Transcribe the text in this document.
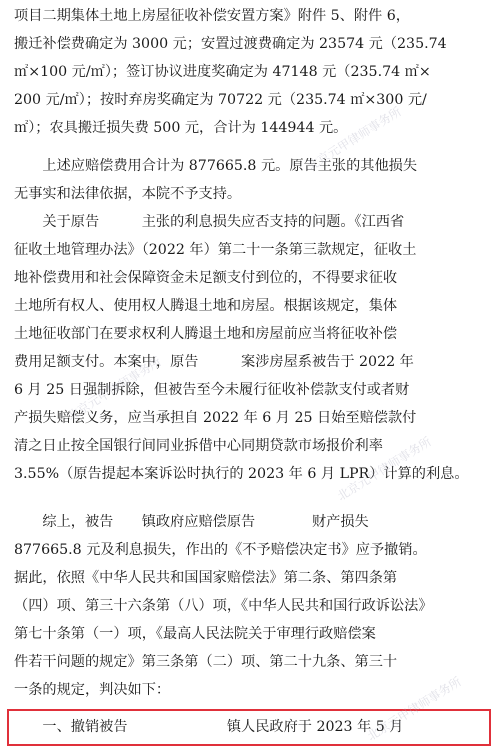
项目二期集体土地上房屋征收补偿安置方案》附件 5、附件 6，
搬迁补偿费确定为 3000 元；安置过渡费确定为 23574 元（235.74
㎡×100 元/㎡）；签订协议进度奖确定为 47148 元（235.74 ㎡×
200 元/㎡）；按时弃房奖确定为 70722 元（235.74 ㎡×300 元/
㎡）；农具搬迁损失费 500 元，合计为 144944 元。
　　上述应赔偿费用合计为 877665.8 元。原告主张的其他损失
无事实和法律依据，本院不予支持。
　　关于原告　　　主张的利息损失应否支持的问题。《江西省
征收土地管理办法》（2022 年）第二十一条第三款规定，征收土
地补偿费用和社会保障资金未足额支付到位的，不得要求征收
土地所有权人、使用权人腾退土地和房屋。根据该规定，集体
土地征收部门在要求权利人腾退土地和房屋前应当将征收补偿
费用足额支付。本案中，原告　　　案涉房屋系被告于 2022 年
6 月 25 日强制拆除，但被告至今未履行征收补偿款支付或者财
产损失赔偿义务，应当承担自 2022 年 6 月 25 日始至赔偿款付
清之日止按全国银行间同业拆借中心同期贷款市场报价利率
3.55%（原告提起本案诉讼时执行的 2023 年 6 月 LPR）计算的利息。
　　综上，被告　　镇政府应赔偿原告　　　　财产损失
877665.8 元及利息损失，作出的《不予赔偿决定书》应予撤销。
据此，依照《中华人民共和国国家赔偿法》第二条、第四条第
（四）项、第三十六条第（八）项，《中华人民共和国行政诉讼法》
第七十条第（一）项，《最高人民法院关于审理行政赔偿案
件若干问题的规定》第三条第（二）项、第二十九条、第三十
一条的规定，判决如下：
　　一、撤销被告　　　　　　　镇人民政府于 2023 年 5 月
北京元甲律师事务所
北京元甲律师事务所
北京元甲律师事务所
北京元甲律师事务所
